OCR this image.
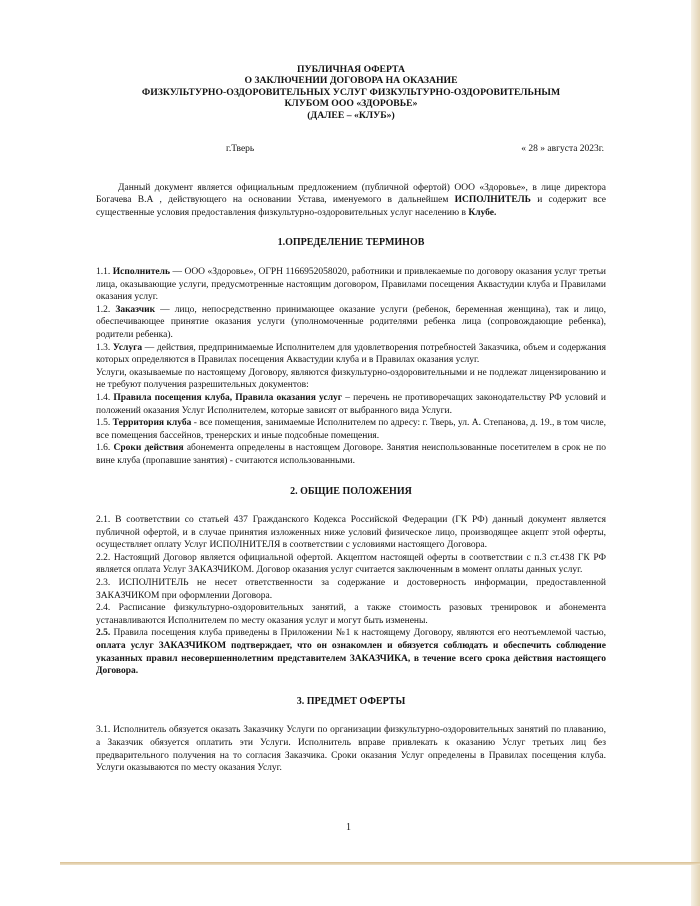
ПУБЛИЧНАЯ ОФЕРТА
О ЗАКЛЮЧЕНИИ ДОГОВОРА НА ОКАЗАНИЕ
ФИЗКУЛЬТУРНО-ОЗДОРОВИТЕЛЬНЫХ УСЛУГ ФИЗКУЛЬТУРНО-ОЗДОРОВИТЕЛЬНЫМ
КЛУБОМ ООО «ЗДОРОВЬЕ»
(ДАЛЕЕ – «КЛУБ»)
г.Тверь	« 28 » августа 2023г.

Данный документ является официальным предложением (публичной офертой) ООО «Здоровье», в лице директора Богачева В.А , действующего на основании Устава, именуемого в дальнейшем ИСПОЛНИТЕЛЬ и содержит все существенные условия предоставления физкультурно-оздоровительных услуг населению в Клубе.

1.ОПРЕДЕЛЕНИЕ ТЕРМИНОВ

1.1. Исполнитель — ООО «Здоровье», ОГРН 1166952058020, работники и привлекаемые по договору оказания услуг третьи лица, оказывающие услуги, предусмотренные настоящим договором, Правилами посещения Аквастудии клуба и Правилами оказания услуг.

1.2. Заказчик — лицо, непосредственно принимающее оказание услуги (ребенок, беременная женщина), так и лицо, обеспечивающее принятие оказания услуги (уполномоченные родителями ребенка лица (сопровождающие ребенка), родители ребенка).

1.3. Услуга — действия, предпринимаемые Исполнителем для удовлетворения потребностей Заказчика, объем и содержания которых определяются в Правилах посещения Аквастудии клуба и в Правилах оказания услуг.

Услуги, оказываемые по настоящему Договору, являются физкультурно-оздоровительными и не подлежат лицензированию и не требуют получения разрешительных документов:

1.4. Правила посещения клуба, Правила оказания услуг – перечень не противоречащих законодательству РФ условий и положений оказания Услуг Исполнителем, которые зависят от выбранного вида Услуги.

1.5. Территория клуба - все помещения, занимаемые Исполнителем по адресу: г. Тверь, ул. А. Степанова, д. 19., в том числе, все помещения бассейнов, тренерских и иные подсобные помещения.

1.6. Сроки действия абонемента определены в настоящем Договоре. Занятия неиспользованные посетителем в срок не по вине клуба (пропавшие занятия) - считаются использованными.

2. ОБЩИЕ ПОЛОЖЕНИЯ

2.1. В соответствии со статьей 437 Гражданского Кодекса Российской Федерации (ГК РФ) данный документ является публичной офертой, и в случае принятия изложенных ниже условий физическое лицо, производящее акцепт этой оферты, осуществляет оплату Услуг ИСПОЛНИТЕЛЯ в соответствии с условиями настоящего Договора.

2.2. Настоящий Договор является официальной офертой. Акцептом настоящей оферты в соответствии с п.3 ст.438 ГК РФ является оплата Услуг ЗАКАЗЧИКОМ. Договор оказания услуг считается заключенным в момент оплаты данных услуг.

2.3. ИСПОЛНИТЕЛЬ не несет ответственности за содержание и достоверность информации, предоставленной ЗАКАЗЧИКОМ при оформлении Договора.

2.4. Расписание физкультурно-оздоровительных занятий, а также стоимость разовых тренировок и абонемента устанавливаются Исполнителем по месту оказания услуг и могут быть изменены.

2.5. Правила посещения клуба приведены в Приложении №1 к настоящему Договору, являются его неотъемлемой частью, оплата услуг ЗАКАЗЧИКОМ подтверждает, что он ознакомлен и обязуется соблюдать и обеспечить соблюдение указанных правил несовершеннолетним представителем ЗАКАЗЧИКА, в течение всего срока действия настоящего Договора.

3. ПРЕДМЕТ ОФЕРТЫ

3.1. Исполнитель обязуется оказать Заказчику Услуги по организации физкультурно-оздоровительных занятий по плаванию, а Заказчик обязуется оплатить эти Услуги. Исполнитель вправе привлекать к оказанию Услуг третьих лиц без предварительного получения на то согласия Заказчика. Сроки оказания Услуг определены в Правилах посещения клуба. Услуги оказываются по месту оказания Услуг.

1
